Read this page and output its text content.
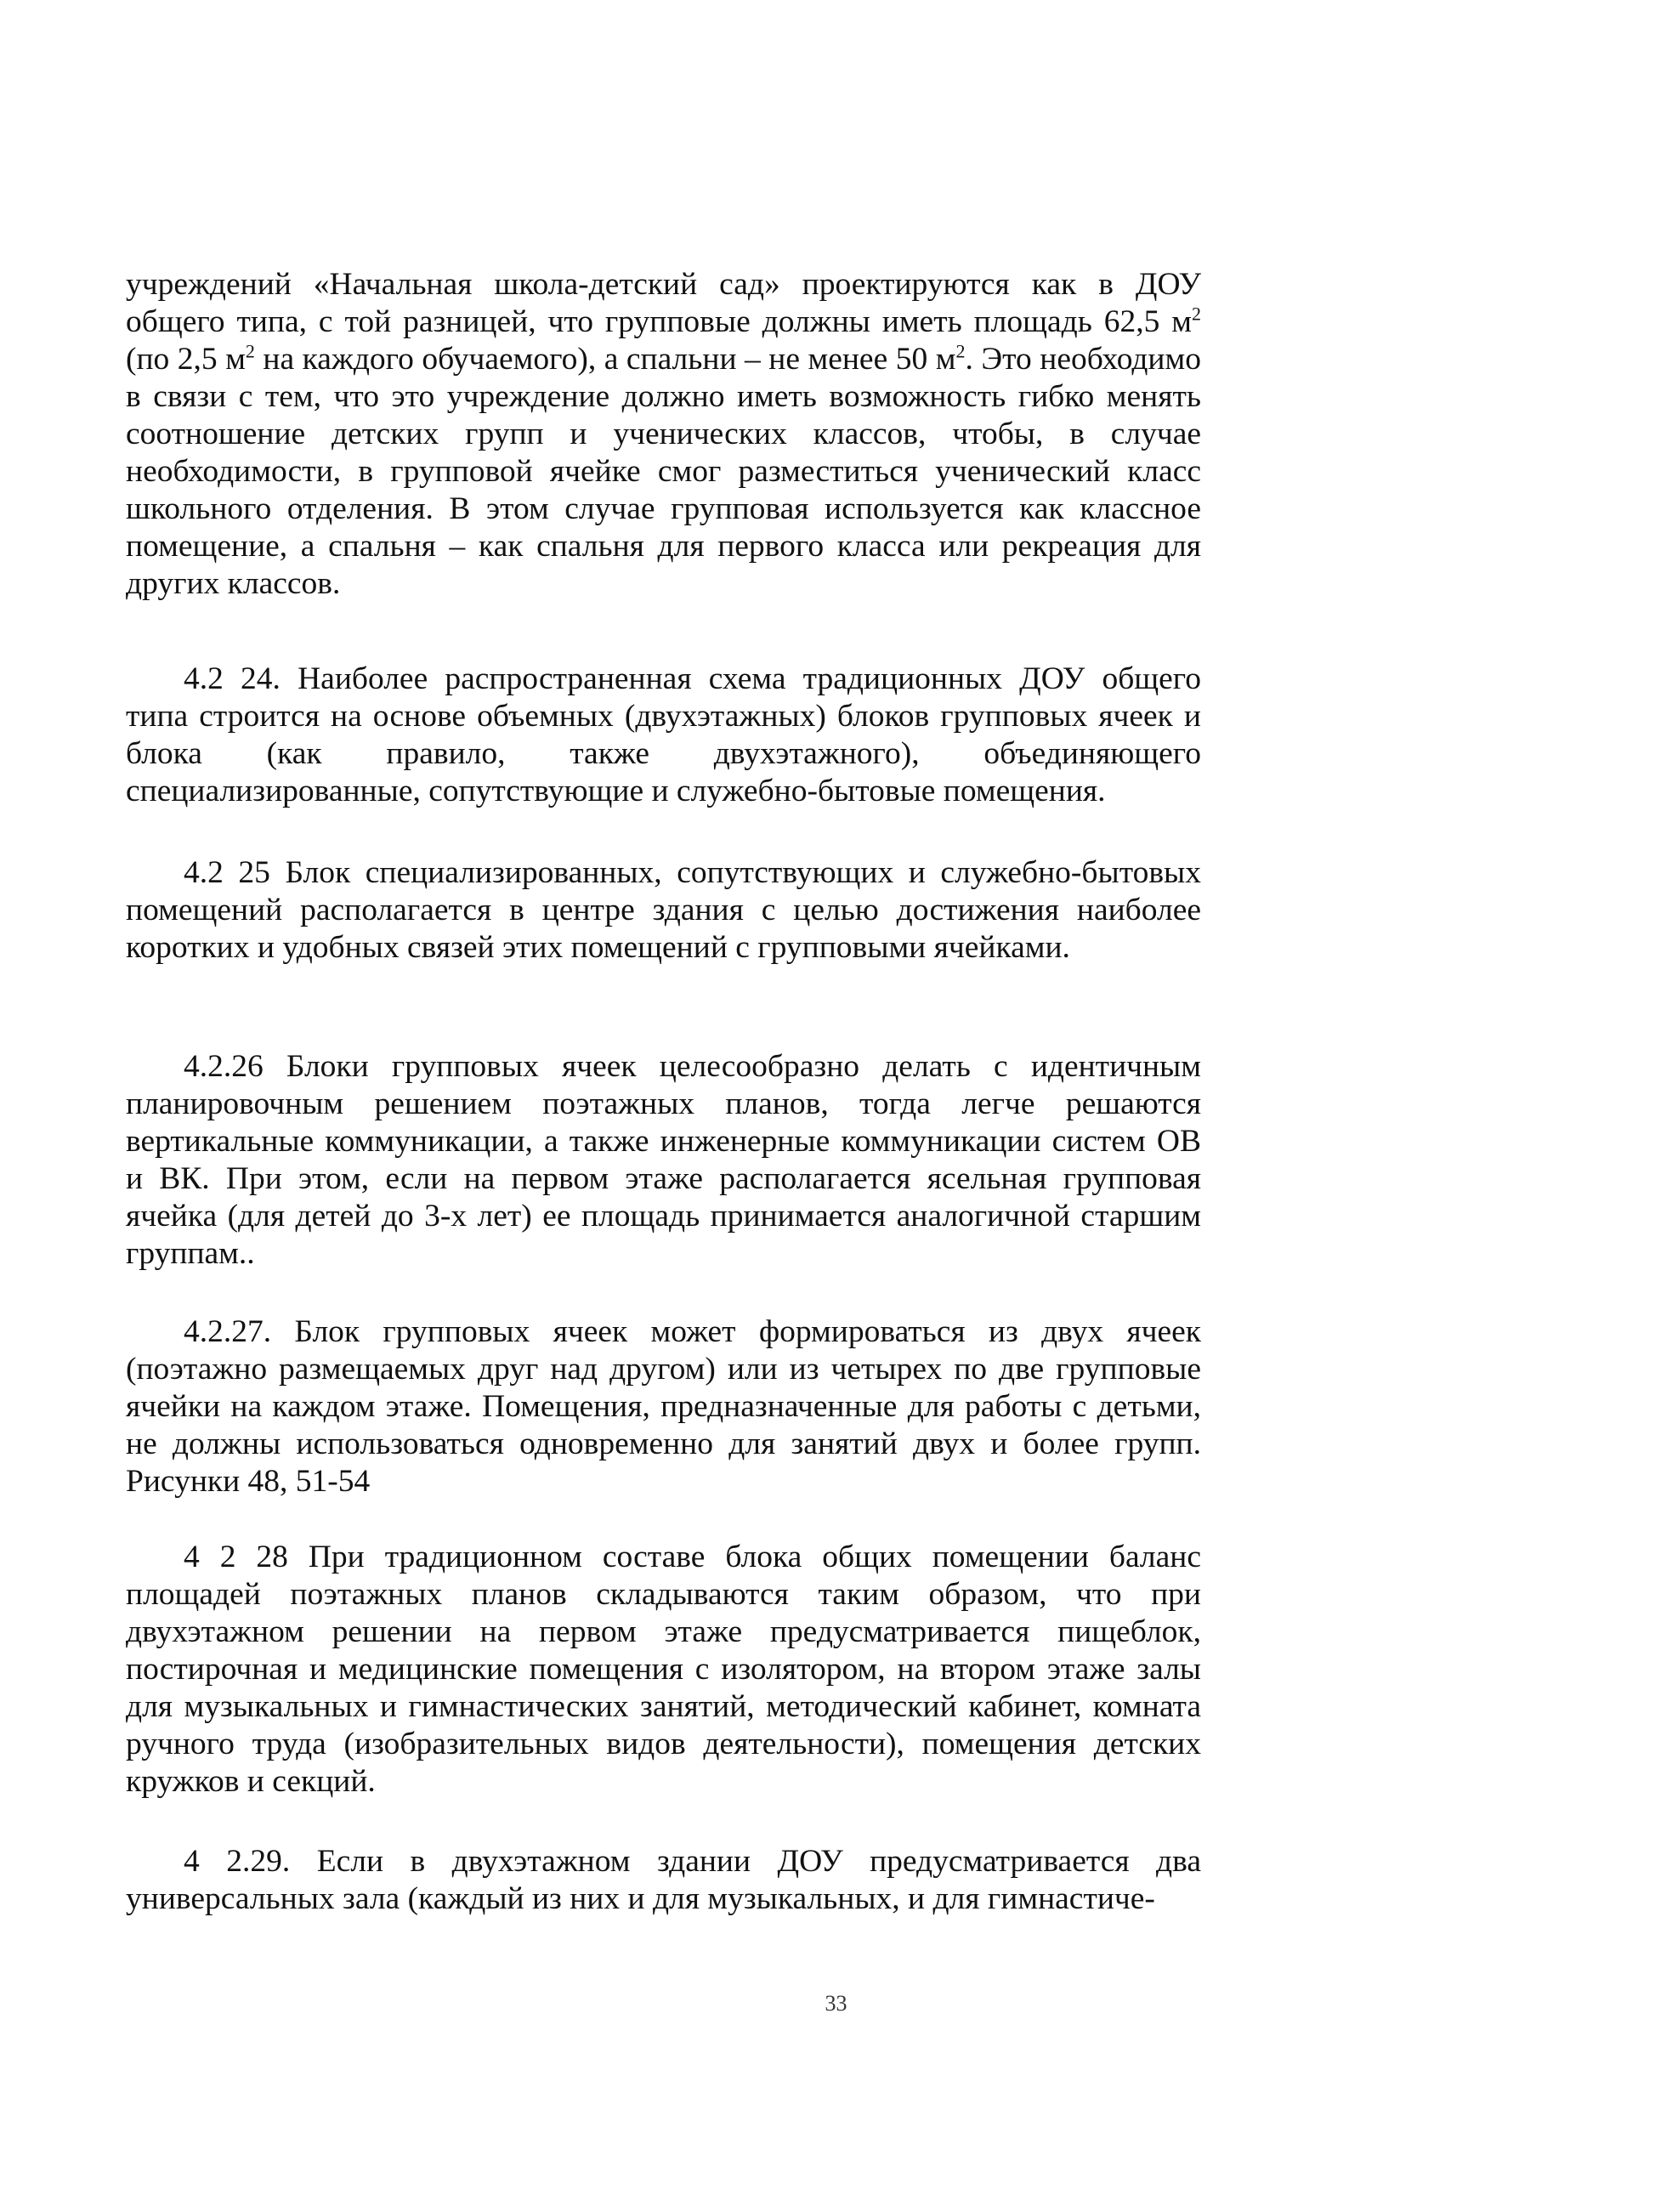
учреждений «Начальная школа-детский сад» проектируются как в ДОУ общего типа, с той разницей, что групповые должны иметь площадь 62,5 $м^2$ (по 2,5 $м^2$ на каждого обучаемого), а спальни – не менее 50 $м^2$. Это необходимо в связи с тем, что это учреждение должно иметь возможность гибко менять соотношение детских групп и ученических классов, чтобы, в случае необходимости, в групповой ячейке смог разместиться ученический класс школьного отделения. В этом случае групповая используется как классное помещение, а спальня – как спальня для первого класса или рекреация для других классов.

4.2 24. Наиболее распространенная схема традиционных ДОУ общего типа строится на основе объемных (двухэтажных) блоков групповых ячеек и блока (как правило, также двухэтажного), объединяющего специализированные, сопутствующие и служебно-бытовые помещения.

4.2 25 Блок специализированных, сопутствующих и служебно-бытовых помещений располагается в центре здания с целью достижения наиболее коротких и удобных связей этих помещений с групповыми ячейками.

4.2.26 Блоки групповых ячеек целесообразно делать с идентичным планировочным решением поэтажных планов, тогда легче решаются вертикальные коммуникации, а также инженерные коммуникации систем ОВ и ВК. При этом, если на первом этаже располагается ясельная групповая ячейка (для детей до 3-х лет) ее площадь принимается аналогичной старшим группам..

4.2.27. Блок групповых ячеек может формироваться из двух ячеек (поэтажно размещаемых друг над другом) или из четырех по две групповые ячейки на каждом этаже. Помещения, предназначенные для работы с детьми, не должны использоваться одновременно для занятий двух и более групп. Рисунки 48, 51-54

4 2 28 При традиционном составе блока общих помещении баланс площадей поэтажных планов складываются таким образом, что при двухэтажном решении на первом этаже предусматривается пищеблок, постирочная и медицинские помещения с изолятором, на втором этаже залы для музыкальных и гимнастических занятий, методический кабинет, комната ручного труда (изобразительных видов деятельности), помещения детских кружков и секций.

4 2.29. Если в двухэтажном здании ДОУ предусматривается два универсальных зала (каждый из них и для музыкальных, и для гимнастиче-

33
